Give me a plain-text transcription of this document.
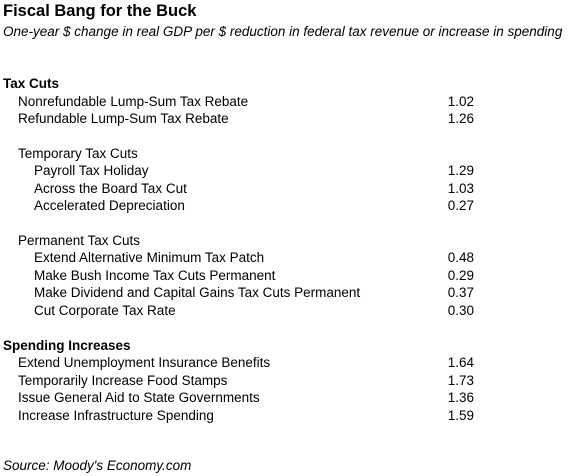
Fiscal Bang for the Buck
One-year $ change in real GDP per $ reduction in federal tax revenue or increase in spending
Tax Cuts
Nonrefundable Lump-Sum Tax Rebate	1.02
Refundable Lump-Sum Tax Rebate	1.26
Temporary Tax Cuts
Payroll Tax Holiday	1.29
Across the Board Tax Cut	1.03
Accelerated Depreciation	0.27
Permanent Tax Cuts
Extend Alternative Minimum Tax Patch	0.48
Make Bush Income Tax Cuts Permanent	0.29
Make Dividend and Capital Gains Tax Cuts Permanent	0.37
Cut Corporate Tax Rate	0.30
Spending Increases
Extend Unemployment Insurance Benefits	1.64
Temporarily Increase Food Stamps	1.73
Issue General Aid to State Governments	1.36
Increase Infrastructure Spending	1.59
Source: Moody's Economy.com
